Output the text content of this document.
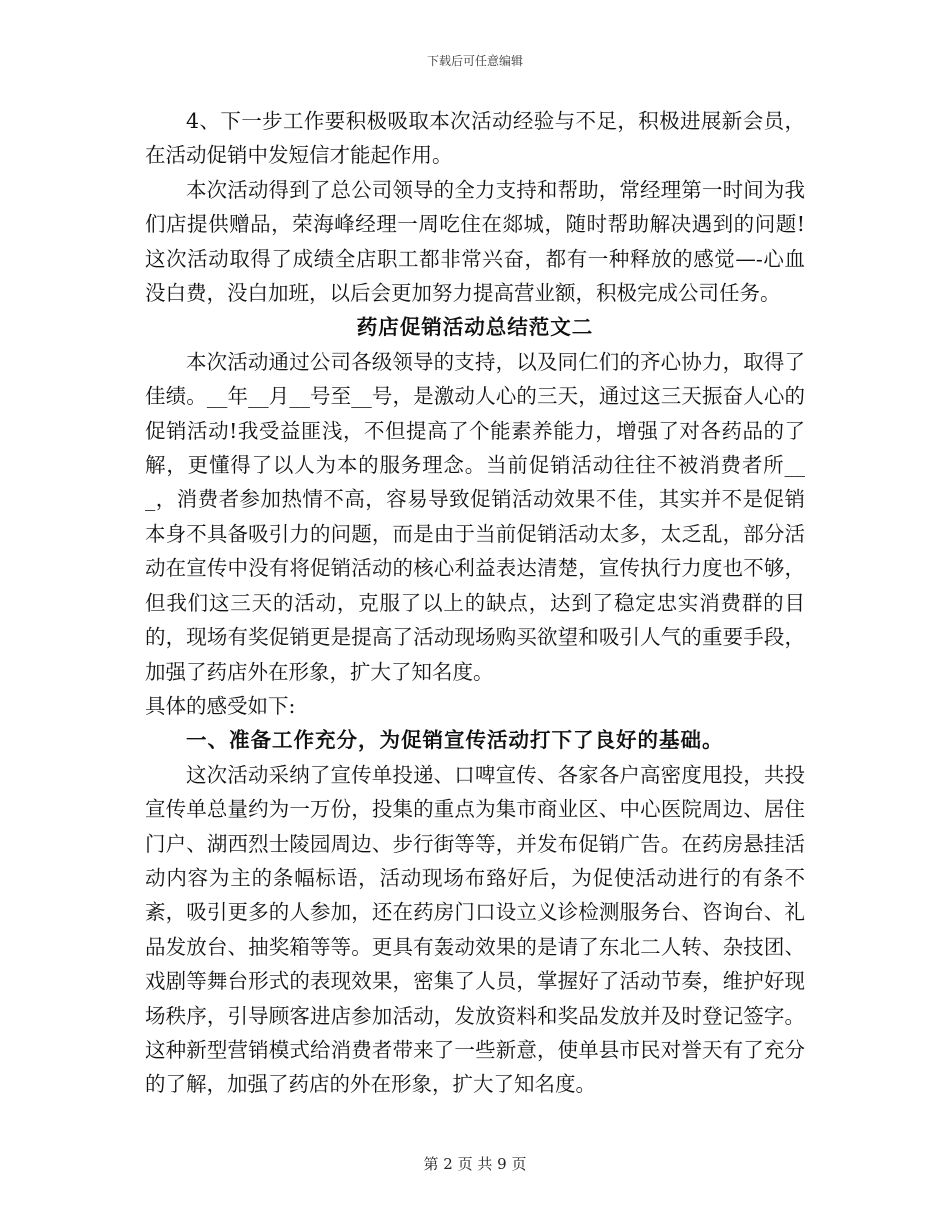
下载后可任意编辑

4、下一步工作要积极吸取本次活动经验与不足，积极进展新会员，在活动促销中发短信才能起作用。

本次活动得到了总公司领导的全力支持和帮助，常经理第一时间为我们店提供赠品，荣海峰经理一周吃住在郯城，随时帮助解决遇到的问题!这次活动取得了成绩全店职工都非常兴奋，都有一种释放的感觉—-心血没白费，没白加班，以后会更加努力提高营业额，积极完成公司任务。

药店促销活动总结范文二

本次活动通过公司各级领导的支持，以及同仁们的齐心协力，取得了佳绩。__年__月__号至__号，是激动人心的三天，通过这三天振奋人心的促销活动!我受益匪浅，不但提高了个能素养能力，增强了对各药品的了解，更懂得了以人为本的服务理念。当前促销活动往往不被消费者所___，消费者参加热情不高，容易导致促销活动效果不佳，其实并不是促销本身不具备吸引力的问题，而是由于当前促销活动太多，太乏乱，部分活动在宣传中没有将促销活动的核心利益表达清楚，宣传执行力度也不够，但我们这三天的活动，克服了以上的缺点，达到了稳定忠实消费群的目的，现场有奖促销更是提高了活动现场购买欲望和吸引人气的重要手段，加强了药店外在形象，扩大了知名度。

具体的感受如下:

一、准备工作充分，为促销宣传活动打下了良好的基础。

这次活动采纳了宣传单投递、口啤宣传、各家各户高密度甩投，共投宣传单总量约为一万份，投集的重点为集市商业区、中心医院周边、居住门户、湖西烈士陵园周边、步行街等等，并发布促销广告。在药房悬挂活动内容为主的条幅标语，活动现场布臵好后，为促使活动进行的有条不紊，吸引更多的人参加，还在药房门口设立义诊检测服务台、咨询台、礼品发放台、抽奖箱等等。更具有轰动效果的是请了东北二人转、杂技团、戏剧等舞台形式的表现效果，密集了人员，掌握好了活动节奏，维护好现场秩序，引导顾客进店参加活动，发放资料和奖品发放并及时登记签字。这种新型营销模式给消费者带来了一些新意，使单县市民对誉天有了充分的了解，加强了药店的外在形象，扩大了知名度。

第 2 页 共 9 页
